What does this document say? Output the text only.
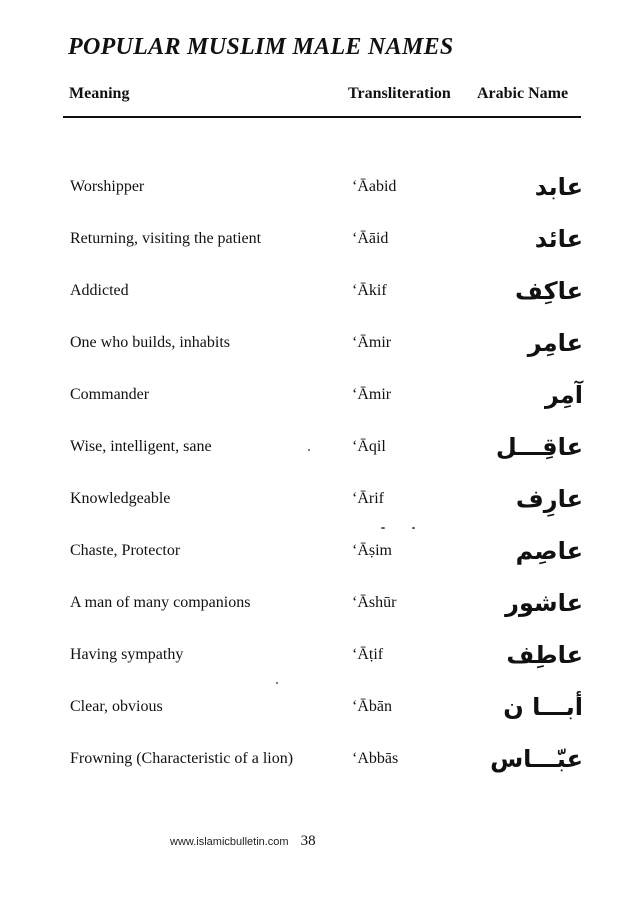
POPULAR MUSLIM MALE NAMES
Meaning	Transliteration Arabic Name
Worshipper	‘Āabid	عابد
Returning, visiting the patient	‘Āāid	عائد
Addicted	‘Ākif	عاكِف
One who builds, inhabits	‘Āmir	عامِر
Commander	‘Āmir	آمِر
Wise, intelligent, sane	‘Āqil	عاقِـــل
Knowledgeable	‘Ārif	عارِف
Chaste, Protector	‘Āṣim	عاصِم
A man of many companions	‘Āshūr	عاشور
Having sympathy	‘Āṭif	عاطِف
Clear, obvious	‘Ābān	أبـــا ن
Frowning (Characteristic of a lion)	‘Abbās	عبّـــاس
www.islamicbulletin.com 38
